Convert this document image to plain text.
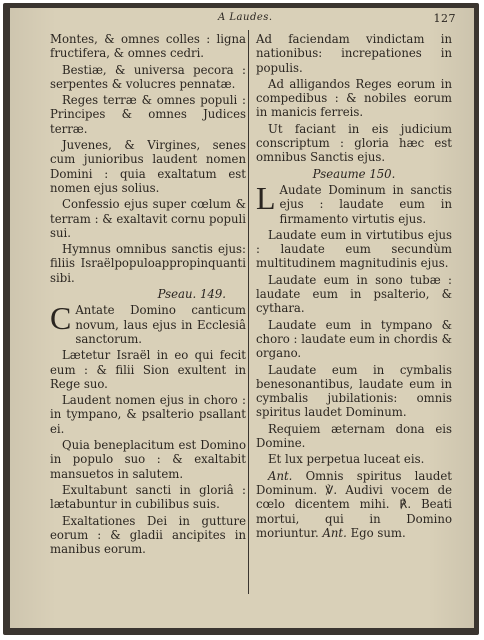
A Laudes.	127

Montes, & omnes colles : ligna fructifera, & omnes cedri.

Bestiæ, & universa pecora : serpentes & volucres pennatæ.

Reges terræ & omnes populi : Principes & omnes Judices terræ.

Juvenes, & Virgines, senes cum junioribus laudent nomen Domini : quia exaltatum est nomen ejus solius.

Confessio ejus super cœlum & terram : & exaltavit cornu populi sui.

Hymnus omnibus sanctis ejus: filiis Israëlpopuloappropinquanti sibi.

Pseau. 149.

C Antate Domino canticum novum, laus ejus in Ecclesiâ sanctorum.

Lætetur Israël in eo qui fecit eum : & filii Sion exultent in Rege suo.

Laudent nomen ejus in choro : in tympano, & psalterio psallant ei.

Quia beneplacitum est Domino in populo suo : & exaltabit mansuetos in salutem.

Exultabunt sancti in gloriâ : lætabuntur in cubilibus suis.

Exaltationes Dei in gutture eorum : & gladii ancipites in manibus eorum.

Ad faciendam vindictam in nationibus: increpationes in populis.

Ad alligandos Reges eorum in compedibus : & nobiles eorum in manicis ferreis.

Ut faciant in eis judicium conscriptum : gloria hæc est omnibus Sanctis ejus.

Pseaume 150.

L Audate Dominum in sanctis ejus : laudate eum in firmamento virtutis ejus.

Laudate eum in virtutibus ejus : laudate eum secundùm multitudinem magnitudinis ejus.

Laudate eum in sono tubæ : laudate eum in psalterio, & cythara.

Laudate eum in tympano & choro : laudate eum in chordis & organo.

Laudate eum in cymbalis benesonantibus, laudate eum in cymbalis jubilationis: omnis spiritus laudet Dominum.

Requiem æternam dona eis Domine.

Et lux perpetua luceat eis.

Ant. Omnis spiritus laudet Dominum. ℣. Audivi vocem de cœlo dicentem mihi. ℟. Beati mortui, qui in Domino moriuntur. Ant. Ego sum.
